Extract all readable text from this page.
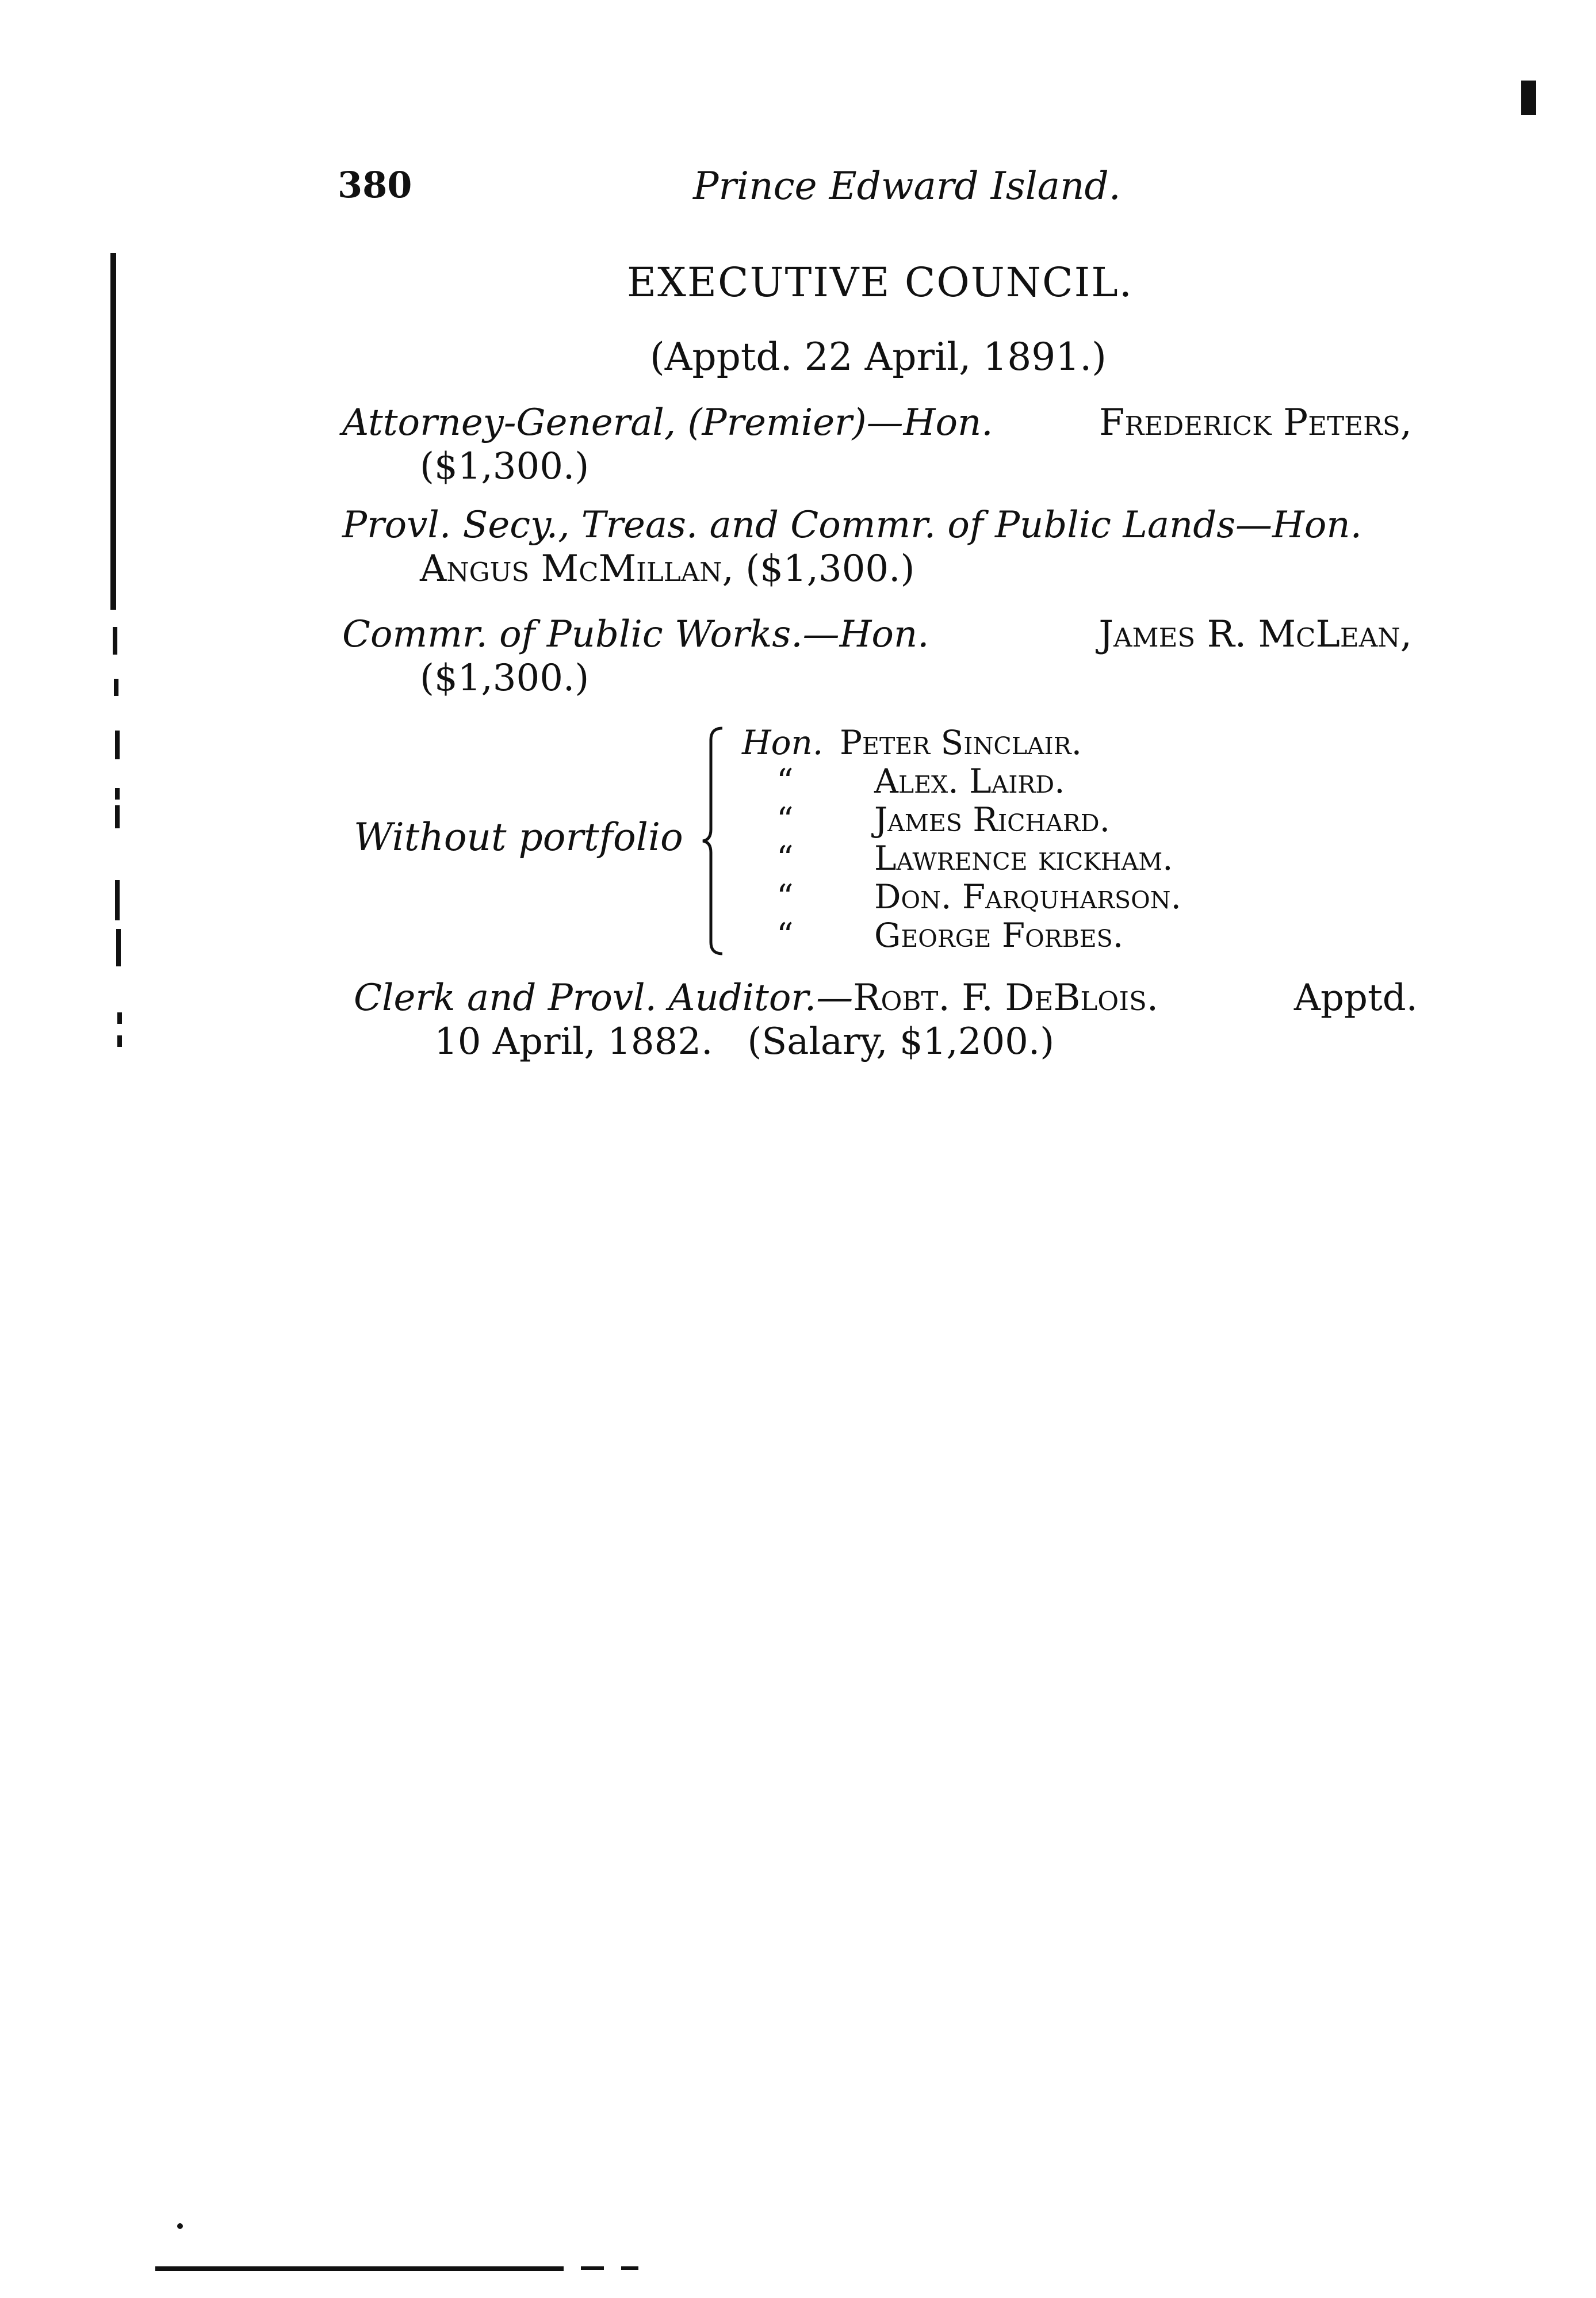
380	Prince Edward Island.
EXECUTIVE COUNCIL.
(Apptd. 22 April, 1891.)
Attorney-General, (Premier)—Hon.	Frederick Peters,
($1,300.)
Provl. Secy., Treas. and Commr. of Public Lands—Hon.
Angus McMillan, ($1,300.)
Commr. of Public Works.—Hon.	James R. McLean,
($1,300.)
Without portfolio
Hon. Peter Sinclair.
“	Alex. Laird.
“	James Richard.
“	Lawrence kickham.
“	Don. Farquharson.
“	George Forbes.
Clerk and Provl. Auditor.—Robt. F. DeBlois.	Apptd.
10 April, 1882. (Salary, $1,200.)
